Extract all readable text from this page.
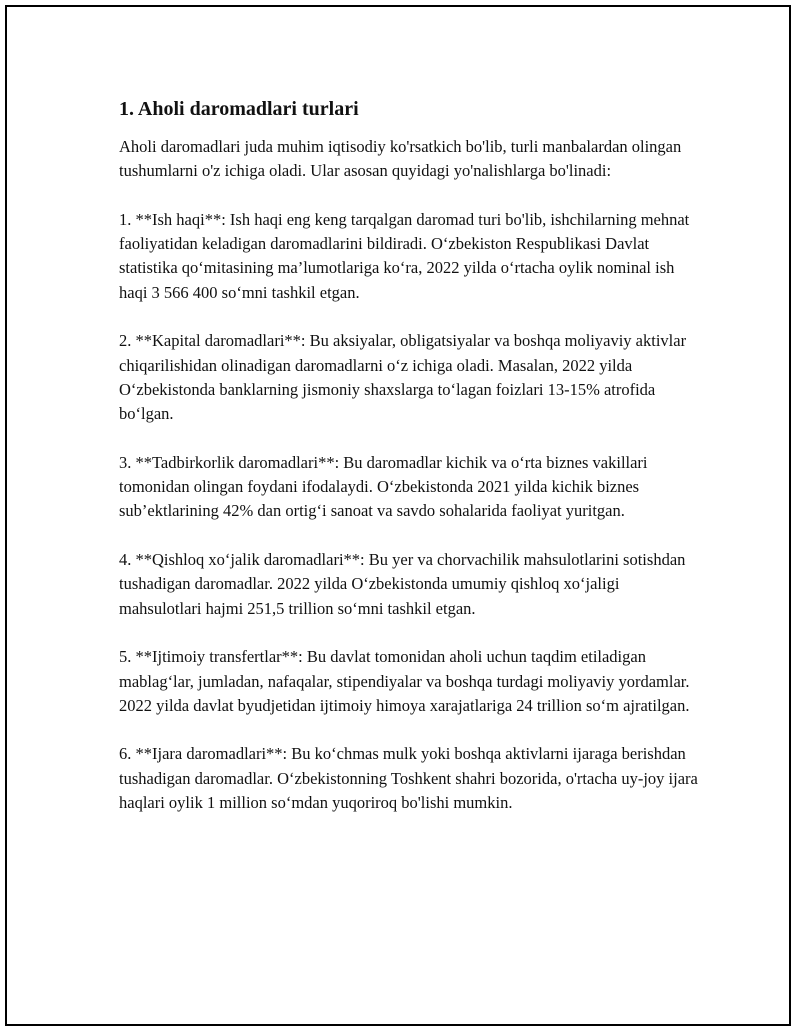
1. Aholi daromadlari turlari

Aholi daromadlari juda muhim iqtisodiy ko'rsatkich bo'lib, turli manbalardan olingan tushumlarni o'z ichiga oladi. Ular asosan quyidagi yo'nalishlarga bo'linadi:

1. **Ish haqi**: Ish haqi eng keng tarqalgan daromad turi bo'lib, ishchilarning mehnat faoliyatidan keladigan daromadlarini bildiradi. O‘zbekiston Respublikasi Davlat statistika qo‘mitasining ma’lumotlariga ko‘ra, 2022 yilda o‘rtacha oylik nominal ish haqi 3 566 400 so‘mni tashkil etgan.

2. **Kapital daromadlari**: Bu aksiyalar, obligatsiyalar va boshqa moliyaviy aktivlar chiqarilishidan olinadigan daromadlarni o‘z ichiga oladi. Masalan, 2022 yilda O‘zbekistonda banklarning jismoniy shaxslarga to‘lagan foizlari 13-15% atrofida bo‘lgan.

3. **Tadbirkorlik daromadlari**: Bu daromadlar kichik va o‘rta biznes vakillari tomonidan olingan foydani ifodalaydi. O‘zbekistonda 2021 yilda kichik biznes sub’ektlarining 42% dan ortig‘i sanoat va savdo sohalarida faoliyat yuritgan.

4. **Qishloq xo‘jalik daromadlari**: Bu yer va chorvachilik mahsulotlarini sotishdan tushadigan daromadlar. 2022 yilda O‘zbekistonda umumiy qishloq xo‘jaligi mahsulotlari hajmi 251,5 trillion so‘mni tashkil etgan.

5. **Ijtimoiy transfertlar**: Bu davlat tomonidan aholi uchun taqdim etiladigan mablag‘lar, jumladan, nafaqalar, stipendiyalar va boshqa turdagi moliyaviy yordamlar. 2022 yilda davlat byudjetidan ijtimoiy himoya xarajatlariga 24 trillion so‘m ajratilgan.

6. **Ijara daromadlari**: Bu ko‘chmas mulk yoki boshqa aktivlarni ijaraga berishdan tushadigan daromadlar. O‘zbekistonning Toshkent shahri bozorida, o'rtacha uy-joy ijara haqlari oylik 1 million so‘mdan yuqoriroq bo'lishi mumkin.
